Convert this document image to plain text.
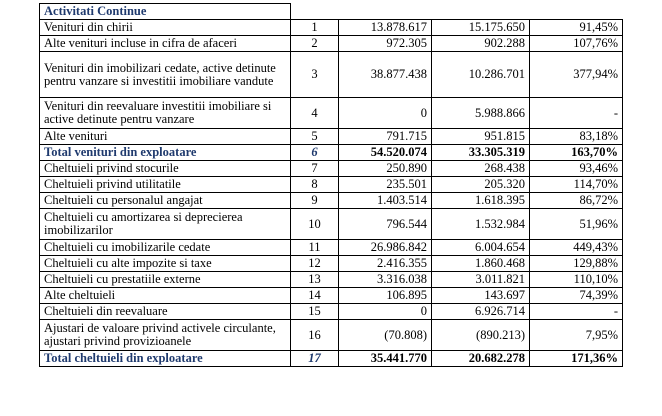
Activitati Continue				
Venituri din chirii	1	13.878.617	15.175.650	91,45%
Alte venituri incluse in cifra de afaceri	2	972.305	902.288	107,76%
Venituri din imobilizari cedate, active detinute pentru vanzare si investitii imobiliare vandute	3	38.877.438	10.286.701	377,94%
Venituri din reevaluare investitii imobiliare si active detinute pentru vanzare	4	0	5.988.866	-
Alte venituri	5	791.715	951.815	83,18%
Total venituri din exploatare	6	54.520.074	33.305.319	163,70%
Cheltuieli privind stocurile	7	250.890	268.438	93,46%
Cheltuieli privind utilitatile	8	235.501	205.320	114,70%
Cheltuieli cu personalul angajat	9	1.403.514	1.618.395	86,72%
Cheltuieli cu amortizarea si deprecierea imobilizarilor	10	796.544	1.532.984	51,96%
Cheltuieli cu imobilizarile cedate	11	26.986.842	6.004.654	449,43%
Cheltuieli cu alte impozite si taxe	12	2.416.355	1.860.468	129,88%
Cheltuieli cu prestatiile externe	13	3.316.038	3.011.821	110,10%
Alte cheltuieli	14	106.895	143.697	74,39%
Cheltuieli din reevaluare	15	0	6.926.714	-
Ajustari de valoare privind activele circulante, ajustari privind provizioanele	16	(70.808)	(890.213)	7,95%
Total cheltuieli din exploatare	17	35.441.770	20.682.278	171,36%
